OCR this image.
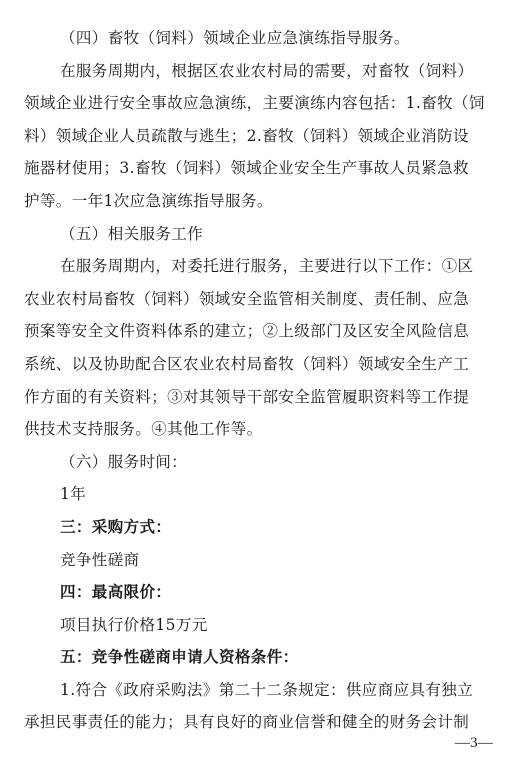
（四）畜牧（饲料）领域企业应急演练指导服务。
在服务周期内，根据区农业农村局的需要，对畜牧（饲料）
领域企业进行安全事故应急演练，主要演练内容包括：1.畜牧（饲
料）领域企业人员疏散与逃生；2.畜牧（饲料）领域企业消防设
施器材使用；3.畜牧（饲料）领域企业安全生产事故人员紧急救
护等。一年1次应急演练指导服务。
（五）相关服务工作
在服务周期内，对委托进行服务，主要进行以下工作：①区
农业农村局畜牧（饲料）领域安全监管相关制度、责任制、应急
预案等安全文件资料体系的建立；②上级部门及区安全风险信息
系统、以及协助配合区农业农村局畜牧（饲料）领域安全生产工
作方面的有关资料；③对其领导干部安全监管履职资料等工作提
供技术支持服务。④其他工作等。
（六）服务时间：
1年
三：采购方式：
竞争性磋商
四：最高限价：
项目执行价格15万元
五：竞争性磋商申请人资格条件：
1.符合《政府采购法》第二十二条规定：供应商应具有独立
承担民事责任的能力；具有良好的商业信誉和健全的财务会计制
—3—
